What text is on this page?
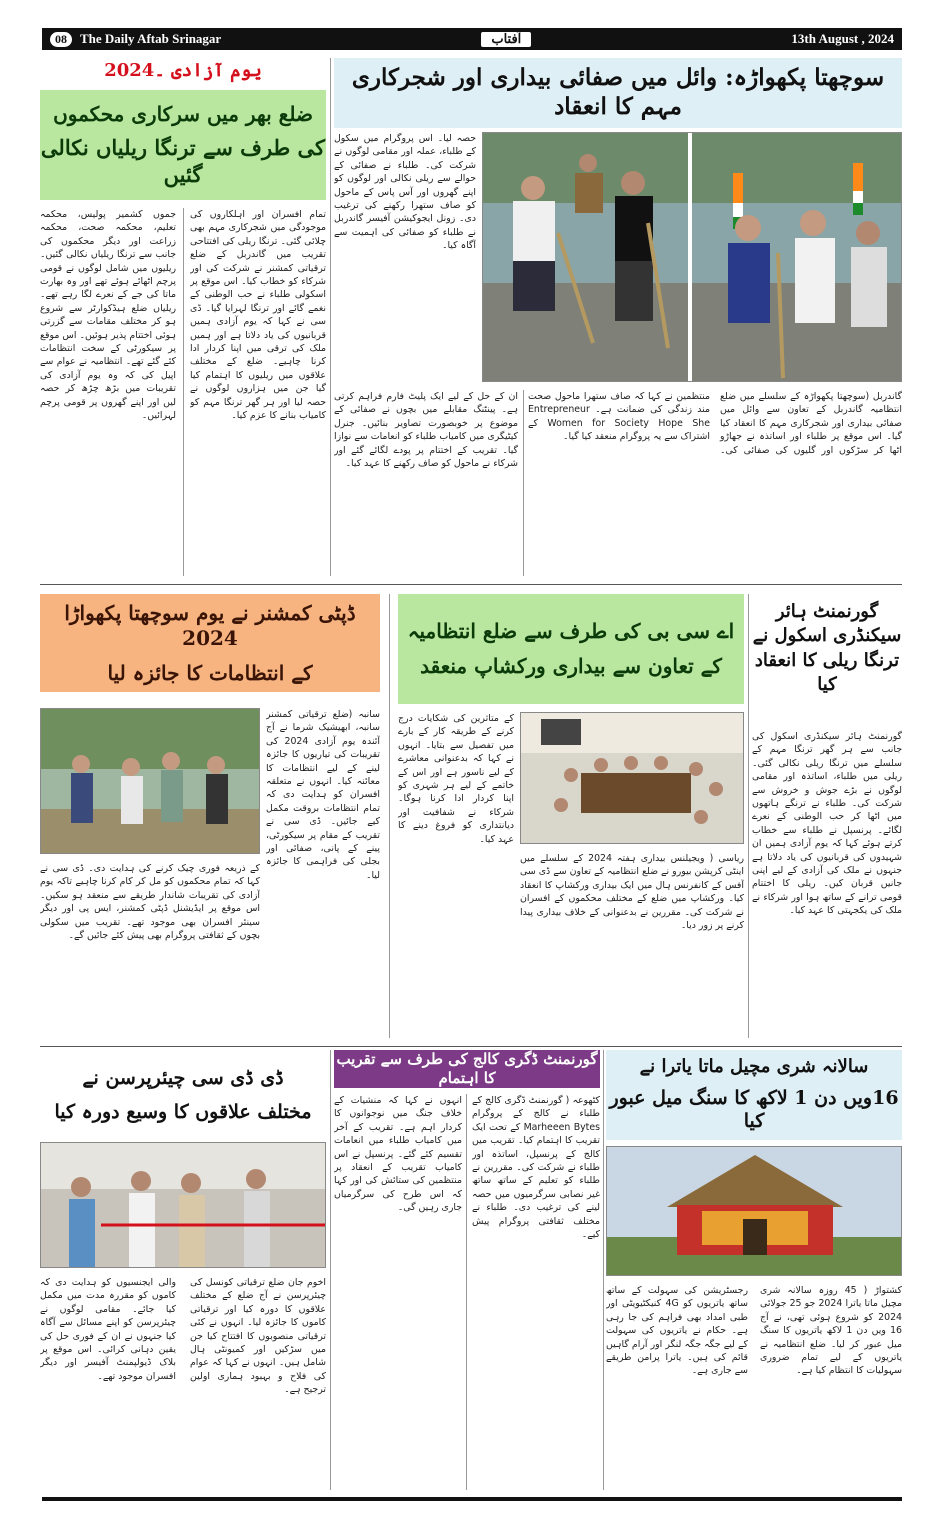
08	The Daily Aftab Srinagar	آفتاب	13th August , 2024
یوم آزادی ۔2024
ضلع بھر میں سرکاری محکموں
کی طرف سے ترنگا ریلیاں نکالی گئیں
جموں کشمیر پولیس، محکمہ تعلیم، محکمہ صحت، محکمہ زراعت اور دیگر محکموں کی جانب سے ترنگا ریلیاں نکالی گئیں۔ ریلیوں میں شامل لوگوں نے قومی پرچم اٹھائے ہوئے تھے اور وہ بھارت ماتا کی جے کے نعرے لگا رہے تھے۔ ریلیاں ضلع ہیڈکوارٹر سے شروع ہو کر مختلف مقامات سے گزرتی ہوئی اختتام پذیر ہوئیں۔ اس موقع پر سیکورٹی کے سخت انتظامات کئے گئے تھے۔ انتظامیہ نے عوام سے اپیل کی کہ وہ یوم آزادی کی تقریبات میں بڑھ چڑھ کر حصہ لیں اور اپنے گھروں پر قومی پرچم لہرائیں۔
تمام افسران اور اہلکاروں کی موجودگی میں شجرکاری مہم بھی چلائی گئی۔ ترنگا ریلی کی افتتاحی تقریب میں گاندربل کے ضلع ترقیاتی کمشنر نے شرکت کی اور شرکاء کو خطاب کیا۔ اس موقع پر اسکولی طلباء نے حب الوطنی کے نغمے گائے اور ترنگا لہرایا گیا۔ ڈی سی نے کہا کہ یوم آزادی ہمیں قربانیوں کی یاد دلاتا ہے اور ہمیں ملک کی ترقی میں اپنا کردار ادا کرنا چاہیے۔ ضلع کے مختلف علاقوں میں ریلیوں کا اہتمام کیا گیا جن میں ہزاروں لوگوں نے حصہ لیا اور ہر گھر ترنگا مہم کو کامیاب بنانے کا عزم کیا۔
سوچھتا پکھواڑہ: وائل میں صفائی بیداری اور شجرکاری مہم کا انعقاد
حصہ لیا۔ اس پروگرام میں سکول کے طلباء، عملہ اور مقامی لوگوں نے شرکت کی۔ طلباء نے صفائی کے حوالے سے ریلی نکالی اور لوگوں کو اپنے گھروں اور آس پاس کے ماحول کو صاف ستھرا رکھنے کی ترغیب دی۔ زونل ایجوکیشن آفیسر گاندربل نے طلباء کو صفائی کی اہمیت سے آگاہ کیا۔
ان کے حل کے لیے ایک پلیٹ فارم فراہم کرتی ہے۔ پینٹنگ مقابلے میں بچوں نے صفائی کے موضوع پر خوبصورت تصاویر بنائیں۔ جنرل کیٹیگری میں کامیاب طلباء کو انعامات سے نوازا گیا۔ تقریب کے اختتام پر پودے لگائے گئے اور شرکاء نے ماحول کو صاف رکھنے کا عہد کیا۔
گاندربل (سوچھتا پکھواڑہ کے سلسلے میں ضلع انتظامیہ گاندربل کے تعاون سے وائل میں صفائی بیداری اور شجرکاری مہم کا انعقاد کیا گیا۔ اس موقع پر طلباء اور اساتذہ نے جھاڑو اٹھا کر سڑکوں اور گلیوں کی صفائی کی۔ منتظمین نے کہا کہ صاف ستھرا ماحول صحت مند زندگی کی ضمانت ہے۔ Entrepreneur Women for Society Hope She کے اشتراک سے یہ پروگرام منعقد کیا گیا۔
ڈپٹی کمشنر نے یوم سوچھتا پکھواڑا 2024
کے انتظامات کا جائزہ لیا
کے ذریعہ فوری چیک کرنے کی ہدایت دی۔ ڈی سی نے کہا کہ تمام محکموں کو مل کر کام کرنا چاہیے تاکہ یوم آزادی کی تقریبات شاندار طریقے سے منعقد ہو سکیں۔ اس موقع پر ایڈیشنل ڈپٹی کمشنر، ایس پی اور دیگر سینئر افسران بھی موجود تھے۔ تقریب میں سکولی بچوں کے ثقافتی پروگرام بھی پیش کئے جائیں گے۔
سانبہ (ضلع ترقیاتی کمشنر سانبہ، ابھیشیک شرما نے آج آئندہ یوم آزادی 2024 کی تقریبات کی تیاریوں کا جائزہ لینے کے لیے انتظامات کا معائنہ کیا۔ انہوں نے متعلقہ افسران کو ہدایت دی کہ تمام انتظامات بروقت مکمل کیے جائیں۔ ڈی سی نے تقریب کے مقام پر سیکورٹی، پینے کے پانی، صفائی اور بجلی کی فراہمی کا جائزہ لیا۔
اے سی بی کی طرف سے ضلع انتظامیہ
کے تعاون سے بیداری ورکشاپ منعقد
کے متاثرین کی شکایات درج کرنے کے طریقہ کار کے بارے میں تفصیل سے بتایا۔ انہوں نے کہا کہ بدعنوانی معاشرے کے لیے ناسور ہے اور اس کے خاتمے کے لیے ہر شہری کو اپنا کردار ادا کرنا ہوگا۔ شرکاء نے شفافیت اور دیانتداری کو فروغ دینے کا عہد کیا۔
ریاسی ( ویجیلنس بیداری ہفتہ 2024 کے سلسلے میں اینٹی کرپشن بیورو نے ضلع انتظامیہ کے تعاون سے ڈی سی آفس کے کانفرنس ہال میں ایک بیداری ورکشاپ کا انعقاد کیا۔ ورکشاپ میں ضلع کے مختلف محکموں کے افسران نے شرکت کی۔ مقررین نے بدعنوانی کے خلاف بیداری پیدا کرنے پر زور دیا۔
گورنمنٹ ہائر سیکنڈری اسکول نے ترنگا ریلی کا انعقاد کیا
گورنمنٹ ہائر سیکنڈری اسکول کی جانب سے ہر گھر ترنگا مہم کے سلسلے میں ترنگا ریلی نکالی گئی۔ ریلی میں طلباء، اساتذہ اور مقامی لوگوں نے بڑے جوش و خروش سے شرکت کی۔ طلباء نے ترنگے ہاتھوں میں اٹھا کر حب الوطنی کے نعرے لگائے۔ پرنسپل نے طلباء سے خطاب کرتے ہوئے کہا کہ یوم آزادی ہمیں ان شہیدوں کی قربانیوں کی یاد دلاتا ہے جنہوں نے ملک کی آزادی کے لیے اپنی جانیں قربان کیں۔ ریلی کا اختتام قومی ترانے کے ساتھ ہوا اور شرکاء نے ملک کی یکجہتی کا عہد کیا۔
ڈی ڈی سی چیئرپرسن نے
مختلف علاقوں کا وسیع دورہ کیا
والی ایجنسیوں کو ہدایت دی کہ کاموں کو مقررہ مدت میں مکمل کیا جائے۔ مقامی لوگوں نے چیئرپرسن کو اپنے مسائل سے آگاہ کیا جنہوں نے ان کے فوری حل کی یقین دہانی کرائی۔ اس موقع پر بلاک ڈیولپمنٹ آفیسر اور دیگر افسران موجود تھے۔
اخوم جان ضلع ترقیاتی کونسل کی چیئرپرسن نے آج ضلع کے مختلف علاقوں کا دورہ کیا اور ترقیاتی کاموں کا جائزہ لیا۔ انہوں نے کئی ترقیاتی منصوبوں کا افتتاح کیا جن میں سڑکیں اور کمیونٹی ہال شامل ہیں۔ انہوں نے کہا کہ عوام کی فلاح و بہبود ہماری اولین ترجیح ہے۔
گورنمنٹ ڈگری کالج کی طرف سے تقریب کا اہتمام
انہوں نے کہا کہ منشیات کے خلاف جنگ میں نوجوانوں کا کردار اہم ہے۔ تقریب کے آخر میں کامیاب طلباء میں انعامات تقسیم کئے گئے۔ پرنسپل نے اس کامیاب تقریب کے انعقاد پر منتظمین کی ستائش کی اور کہا کہ اس طرح کی سرگرمیاں جاری رہیں گی۔
کٹھوعہ ( گورنمنٹ ڈگری کالج کے طلباء نے کالج کے پروگرام Marheeen Bytes کے تحت ایک تقریب کا اہتمام کیا۔ تقریب میں کالج کے پرنسپل، اساتذہ اور طلباء نے شرکت کی۔ مقررین نے طلباء کو تعلیم کے ساتھ ساتھ غیر نصابی سرگرمیوں میں حصہ لینے کی ترغیب دی۔ طلباء نے مختلف ثقافتی پروگرام پیش کیے۔
سالانہ شری مچیل ماتا یاترا نے
16ویں دن 1 لاکھ کا سنگ میل عبور کیا
رجسٹریشن کی سہولت کے ساتھ ساتھ یاتریوں کو 4G کنیکٹیویٹی اور طبی امداد بھی فراہم کی جا رہی ہے۔ حکام نے یاتریوں کی سہولت کے لیے جگہ جگہ لنگر اور آرام گاہیں قائم کی ہیں۔ یاترا پرامن طریقے سے جاری ہے۔
کشتواڑ ( 45 روزہ سالانہ شری مچیل ماتا یاترا 2024 جو 25 جولائی 2024 کو شروع ہوئی تھی، نے آج 16 ویں دن 1 لاکھ یاتریوں کا سنگ میل عبور کر لیا۔ ضلع انتظامیہ نے یاتریوں کے لیے تمام ضروری سہولیات کا انتظام کیا ہے۔
